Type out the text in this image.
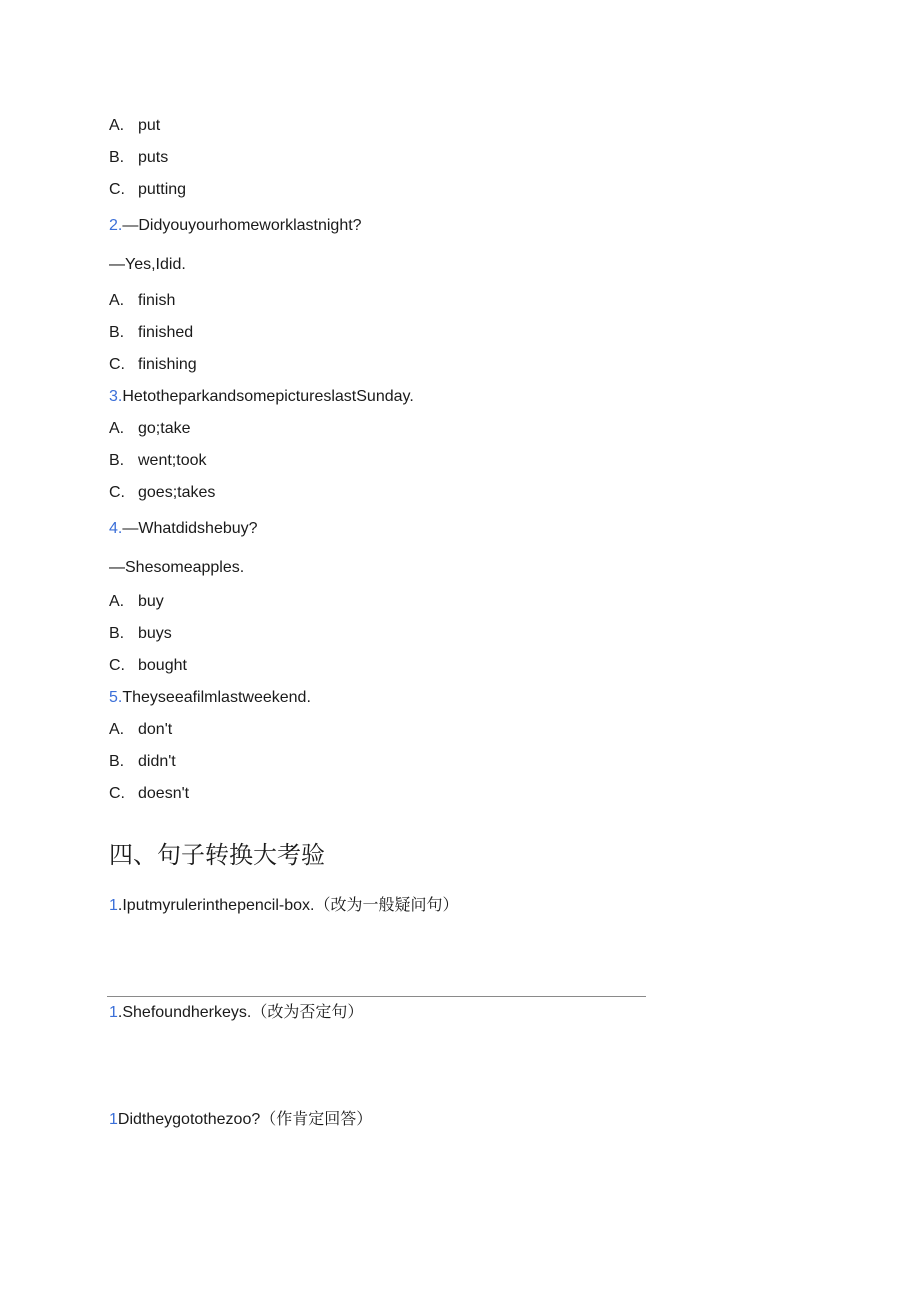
A. put
B. puts
C. putting
2.—Didyouyourhomeworklastnight?
—Yes,Idid.
A. finish
B. finished
C. finishing
3.HetotheparkandsomepictureslastSunday.
A. go;take
B. went;took
C. goes;takes
4.—Whatdidshebuy?
—Shesomeapples.
A. buy
B. buys
C. bought
5.Theyseeafilmlastweekend.
A. don't
B. didn't
C. doesn't
四、句子转换大考验
1.Iputmyrulerinthepencil-box.（改为一般疑问句）
1.Shefoundherkeys.（改为否定句）
1Didtheygotothezoo?（作肯定回答）
